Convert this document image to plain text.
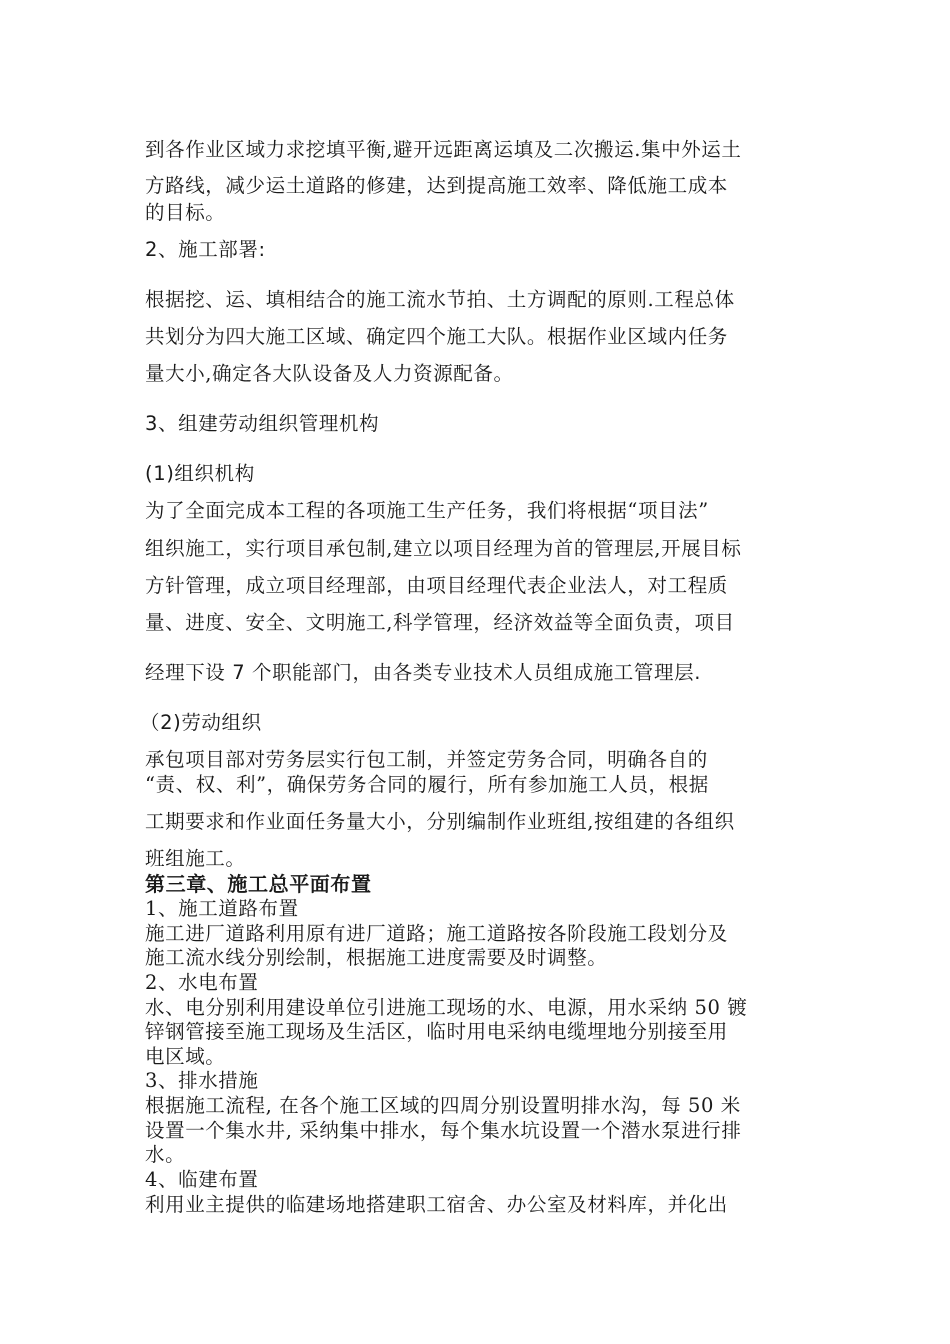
到各作业区域力求挖填平衡,避开远距离运填及二次搬运.集中外运土
方路线，减少运土道路的修建，达到提高施工效率、降低施工成本
的目标。
2、施工部署:
根据挖、运、填相结合的施工流水节拍、土方调配的原则.工程总体
共划分为四大施工区域、确定四个施工大队。根据作业区域内任务
量大小,确定各大队设备及人力资源配备。
3、组建劳动组织管理机构
(1)组织机构
为了全面完成本工程的各项施工生产任务，我们将根据“项目法”
组织施工，实行项目承包制,建立以项目经理为首的管理层,开展目标
方针管理，成立项目经理部，由项目经理代表企业法人，对工程质
量、进度、安全、文明施工,科学管理，经济效益等全面负责，项目
经理下设 7 个职能部门，由各类专业技术人员组成施工管理层.
（2)劳动组织
承包项目部对劳务层实行包工制，并签定劳务合同，明确各自的
“责、权、利”，确保劳务合同的履行，所有参加施工人员，根据
工期要求和作业面任务量大小，分别编制作业班组,按组建的各组织
班组施工。
第三章、施工总平面布置
1、施工道路布置
施工进厂道路利用原有进厂道路；施工道路按各阶段施工段划分及
施工流水线分别绘制，根据施工进度需要及时调整。
2、水电布置
水、电分别利用建设单位引进施工现场的水、电源，用水采纳 50 镀
锌钢管接至施工现场及生活区，临时用电采纳电缆埋地分别接至用
电区域。
3、排水措施
根据施工流程, 在各个施工区域的四周分别设置明排水沟，每 50 米
设置一个集水井, 采纳集中排水，每个集水坑设置一个潜水泵进行排
水。
4、临建布置
利用业主提供的临建场地搭建职工宿舍、办公室及材料库，并化出
